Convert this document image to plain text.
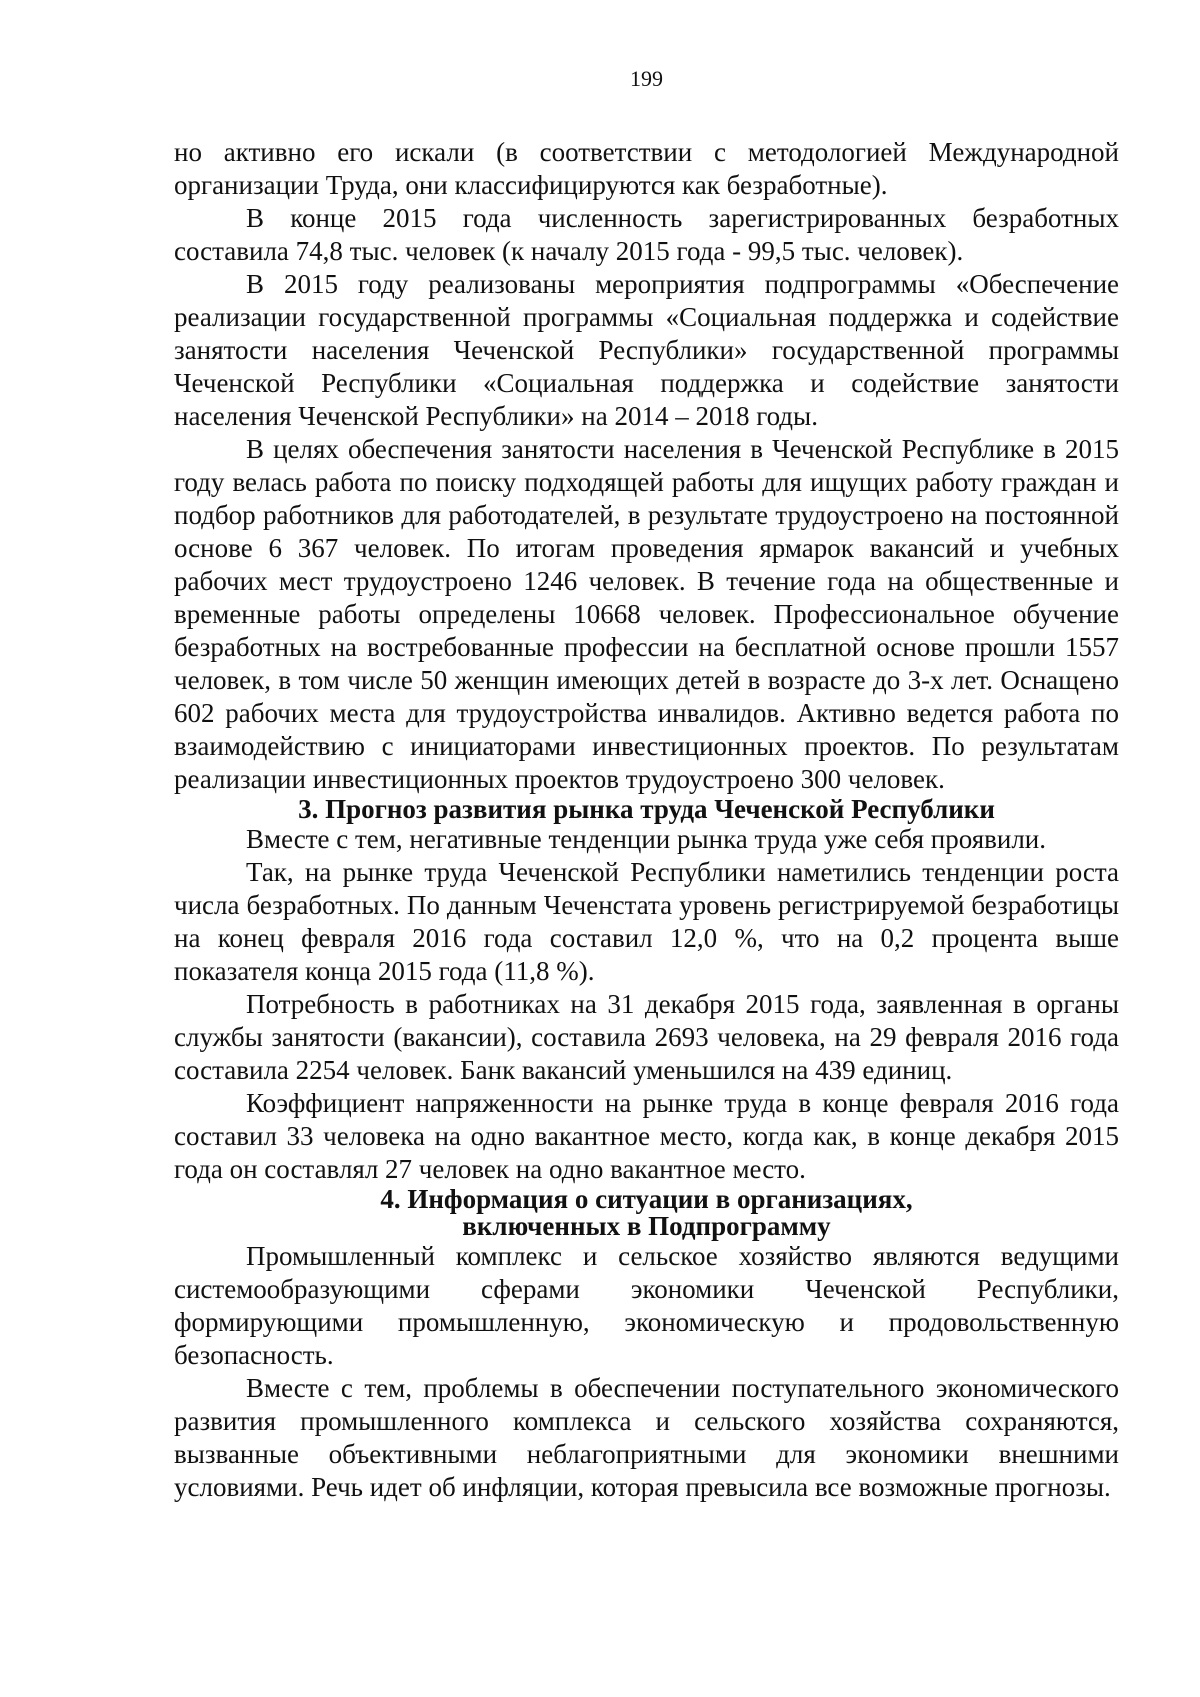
199

но активно его искали (в соответствии с методологией Международной организации Труда, они классифицируются как безработные).

В конце 2015 года численность зарегистрированных безработных составила 74,8 тыс. человек (к началу 2015 года - 99,5 тыс. человек).

В 2015 году реализованы мероприятия подпрограммы «Обеспечение реализации государственной программы «Социальная поддержка и содействие занятости населения Чеченской Республики» государственной программы Чеченской Республики «Социальная поддержка и содействие занятости населения Чеченской Республики» на 2014 – 2018 годы.

В целях обеспечения занятости населения в Чеченской Республике в 2015 году велась работа по поиску подходящей работы для ищущих работу граждан и подбор работников для работодателей, в результате трудоустроено на постоянной основе 6 367 человек. По итогам проведения ярмарок вакансий и учебных рабочих мест трудоустроено 1246 человек. В течение года на общественные и временные работы определены 10668 человек. Профессиональное обучение безработных на востребованные профессии на бесплатной основе прошли 1557 человек, в том числе 50 женщин имеющих детей в возрасте до 3-х лет. Оснащено 602 рабочих места для трудоустройства инвалидов. Активно ведется работа по взаимодействию с инициаторами инвестиционных проектов. По результатам реализации инвестиционных проектов трудоустроено 300 человек.

3. Прогноз развития рынка труда Чеченской Республики

Вместе с тем, негативные тенденции рынка труда уже себя проявили.

Так, на рынке труда Чеченской Республики наметились тенденции роста числа безработных. По данным Чеченстата уровень регистрируемой безработицы на конец февраля 2016 года составил 12,0 %, что на 0,2 процента выше показателя конца 2015 года (11,8 %).

Потребность в работниках на 31 декабря 2015 года, заявленная в органы службы занятости (вакансии), составила 2693 человека, на 29 февраля 2016 года составила 2254 человек. Банк вакансий уменьшился на 439 единиц.

Коэффициент напряженности на рынке труда в конце февраля 2016 года составил 33 человека на одно вакантное место, когда как, в конце декабря 2015 года он составлял 27 человек на одно вакантное место.

4. Информация о ситуации в организациях,
включенных в Подпрограмму

Промышленный комплекс и сельское хозяйство являются ведущими системообразующими сферами экономики Чеченской Республики, формирующими промышленную, экономическую и продовольственную безопасность.

Вместе с тем, проблемы в обеспечении поступательного экономического развития промышленного комплекса и сельского хозяйства сохраняются, вызванные объективными неблагоприятными для экономики внешними условиями. Речь идет об инфляции, которая превысила все возможные прогнозы.
